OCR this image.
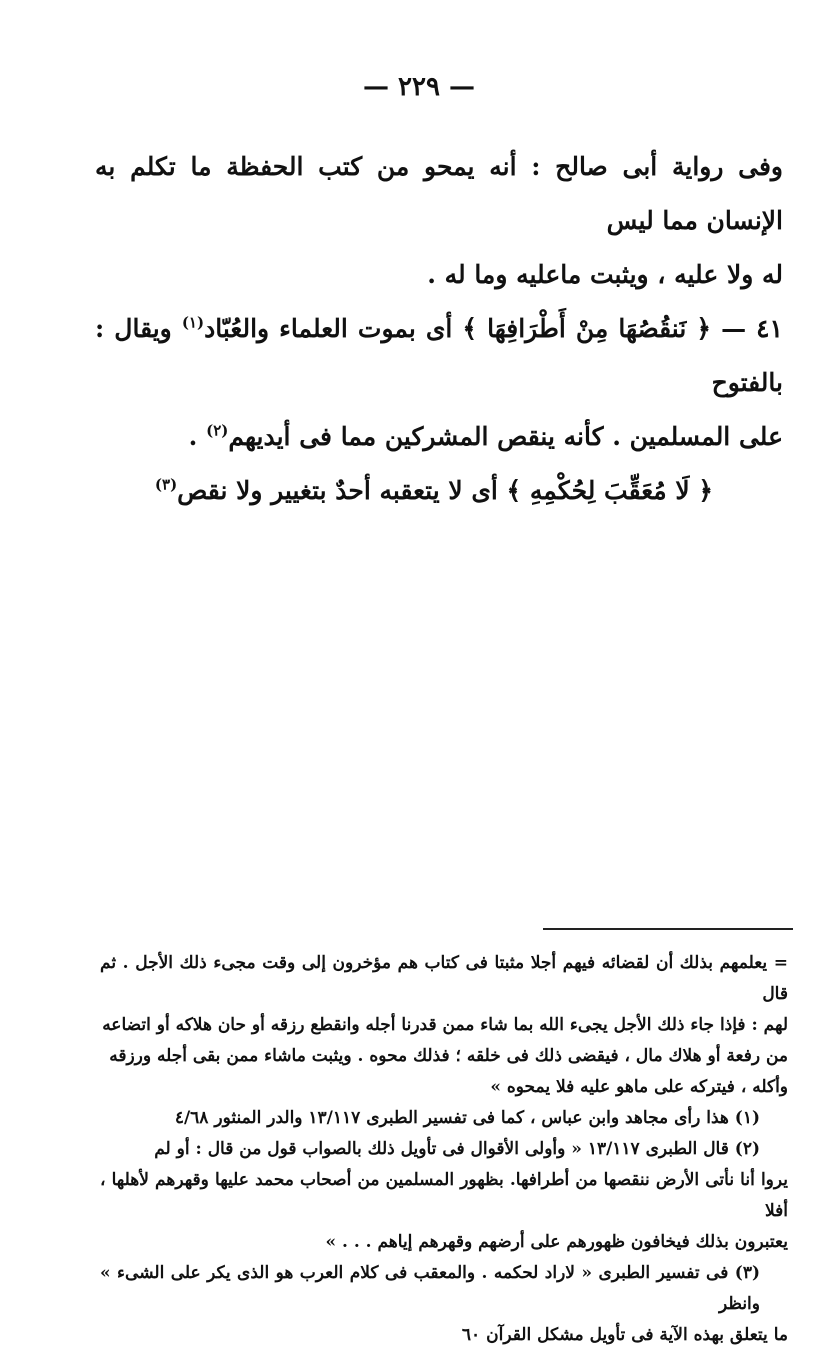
— ٢٢٩ —

وفى رواية أبى صالح : أنه يمحو من كتب الحفظة ما تكلم به الإنسان مما ليس
له ولا عليه ، ويثبت ماعليه وما له .

٤١ — ﴿ نَنقُصُهَا مِنْ أَطْرَافِهَا ﴾ أى بموت العلماء والعُبّاد$^{(١)}$ ويقال : بالفتوح
على المسلمين . كأنه ينقص المشركين مما فى أيديهم$^{(٢)}$ .

﴿ لَا مُعَقِّبَ لِحُكْمِهِ ﴾ أى لا يتعقبه أحدٌ بتغيير ولا نقص$^{(٣)}$

= يعلمهم بذلك أن لقضائه فيهم أجلا مثبتا فى كتاب هم مؤخرون إلى وقت مجىء ذلك الأجل . ثم قال
لهم : فإذا جاء ذلك الأجل يجىء الله بما شاء ممن قدرنا أجله وانقطع رزقه أو حان هلاكه أو اتضاعه
من رفعة أو هلاك مال ، فيقضى ذلك فى خلقه ؛ فذلك محوه . ويثبت ماشاء ممن بقى أجله ورزقه
وأكله ، فيتركه على ماهو عليه فلا يمحوه »

(١) هذا رأى مجاهد وابن عباس ، كما فى تفسير الطبرى ١٣/١١٧ والدر المنثور ٤/٦٨

(٢) قال الطبرى ١٣/١١٧ « وأولى الأقوال فى تأويل ذلك بالصواب قول من قال : أو لم

يروا أنا نأتى الأرض ننقصها من أطرافها. بظهور المسلمين من أصحاب محمد عليها وقهرهم لأهلها ، أفلا
يعتبرون بذلك فيخافون ظهورهم على أرضهم وقهرهم إياهم . . . »

(٣) فى تفسير الطبرى « لاراد لحكمه . والمعقب فى كلام العرب هو الذى يكر على الشىء » وانظر

ما يتعلق بهذه الآية فى تأويل مشكل القرآن ٦٠
